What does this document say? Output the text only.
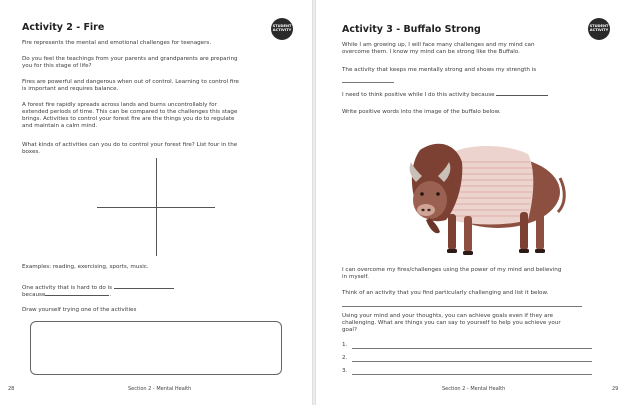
Activity 2 - Fire	STUDENT
ACTIVITY
Fire represents the mental and emotional challenges for teenagers.
Do you feel the teachings from your parents and grandparents are preparing
you for this stage of life?
Fires are powerful and dangerous when out of control. Learning to control fire
is important and requires balance.
A forest fire rapidly spreads across lands and burns uncontrollably for
extended periods of time. This can be compared to the challenges this stage
brings. Activities to control your forest fire are the things you do to regulate
and maintain a calm mind.
What kinds of activities can you do to control your forest fire? List four in the
boxes.
Examples: reading, exercising, sports, music.
One activity that is hard to do is
because	.
Draw yourself trying one of the activities
28	Section 2 - Mental Health
Activity 3 - Buffalo Strong	STUDENT
ACTIVITY
While I am growing up, I will face many challenges and my mind can
overcome them. I know my mind can be strong like the Buffalo.
The activity that keeps me mentally strong and shows my strength is
I need to think positive while I do this activity because
Write positive words into the image of the buffalo below.
I can overcome my fires/challenges using the power of my mind and believing
in myself.
Think of an activity that you find particularly challenging and list it below.
Using your mind and your thoughts, you can achieve goals even if they are
challenging. What are things you can say to yourself to help you achieve your
goal?
1.
2.
3.
Section 2 - Mental Health	29
